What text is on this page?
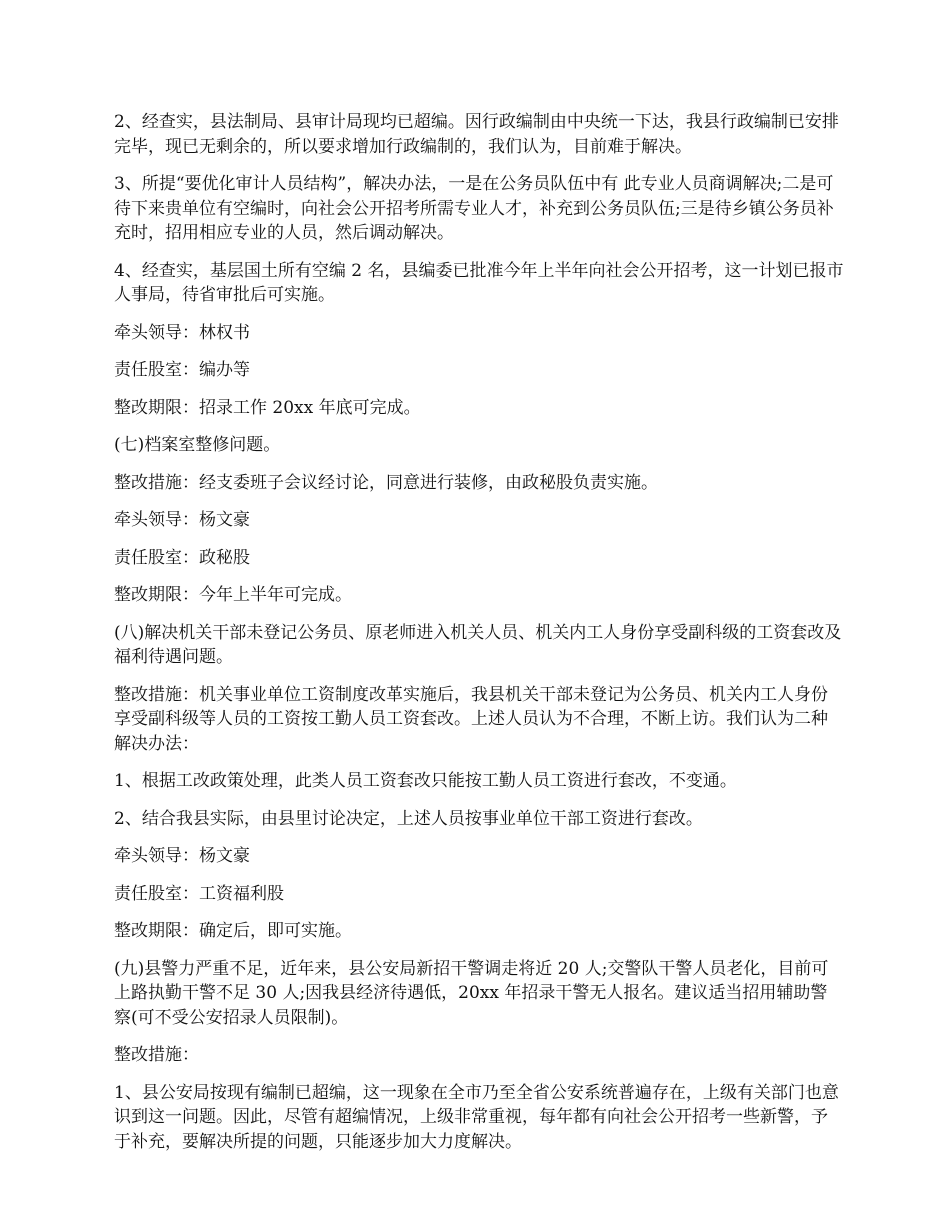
2、经查实，县法制局、县审计局现均已超编。因行政编制由中央统一下达，我县行政编制已安排完毕，现已无剩余的，所以要求增加行政编制的，我们认为，目前难于解决。

3、所提“要优化审计人员结构”，解决办法，一是在公务员队伍中有 此专业人员商调解决;二是可待下来贵单位有空编时，向社会公开招考所需专业人才，补充到公务员队伍;三是待乡镇公务员补充时，招用相应专业的人员，然后调动解决。

4、经查实，基层国土所有空编 2 名，县编委已批准今年上半年向社会公开招考，这一计划已报市人事局，待省审批后可实施。

牵头领导：林权书

责任股室：编办等

整改期限：招录工作 20xx 年底可完成。

(七)档案室整修问题。

整改措施：经支委班子会议经讨论，同意进行装修，由政秘股负责实施。

牵头领导：杨文豪

责任股室：政秘股

整改期限：今年上半年可完成。

(八)解决机关干部未登记公务员、原老师进入机关人员、机关内工人身份享受副科级的工资套改及福利待遇问题。

整改措施：机关事业单位工资制度改革实施后，我县机关干部未登记为公务员、机关内工人身份享受副科级等人员的工资按工勤人员工资套改。上述人员认为不合理，不断上访。我们认为二种解决办法：

1、根据工改政策处理，此类人员工资套改只能按工勤人员工资进行套改，不变通。

2、结合我县实际，由县里讨论决定，上述人员按事业单位干部工资进行套改。

牵头领导：杨文豪

责任股室：工资福利股

整改期限：确定后，即可实施。

(九)县警力严重不足，近年来，县公安局新招干警调走将近 20 人;交警队干警人员老化，目前可上路执勤干警不足 30 人;因我县经济待遇低，20xx 年招录干警无人报名。建议适当招用辅助警察(可不受公安招录人员限制)。

整改措施：

1、县公安局按现有编制已超编，这一现象在全市乃至全省公安系统普遍存在，上级有关部门也意识到这一问题。因此，尽管有超编情况，上级非常重视，每年都有向社会公开招考一些新警，予于补充，要解决所提的问题，只能逐步加大力度解决。
